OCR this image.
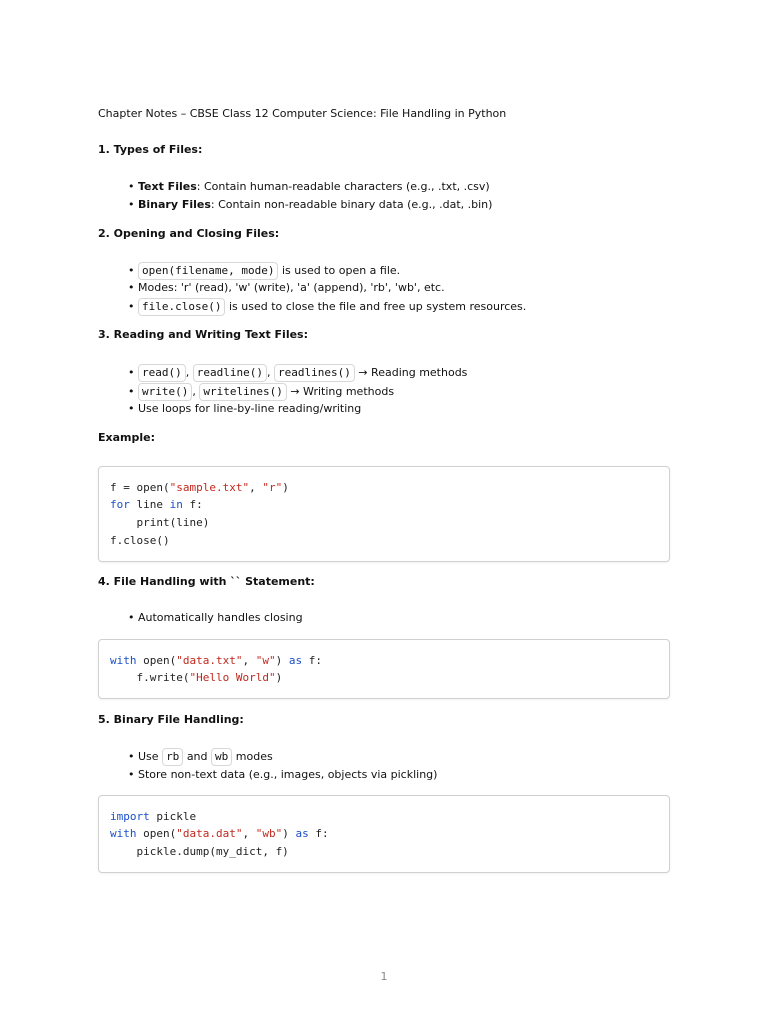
Chapter Notes – CBSE Class 12 Computer Science: File Handling in Python
1. Types of Files:
• Text Files: Contain human-readable characters (e.g., .txt, .csv)
• Binary Files: Contain non-readable binary data (e.g., .dat, .bin)
2. Opening and Closing Files:
• open(filename, mode) is used to open a file.
• Modes: 'r' (read), 'w' (write), 'a' (append), 'rb', 'wb', etc.
• file.close() is used to close the file and free up system resources.
3. Reading and Writing Text Files:
• read() , readline() , readlines() → Reading methods
• write() , writelines() → Writing methods
• Use loops for line-by-line reading/writing
Example:
f = open("sample.txt", "r")
for line in f:
print(line)
f.close()
4. File Handling with `` Statement:
• Automatically handles closing
with open("data.txt", "w") as f:
f.write("Hello World")
5. Binary File Handling:
• Use rb and wb modes
• Store non-text data (e.g., images, objects via pickling)
import pickle
with open("data.dat", "wb") as f:
pickle.dump(my_dict, f)
1
